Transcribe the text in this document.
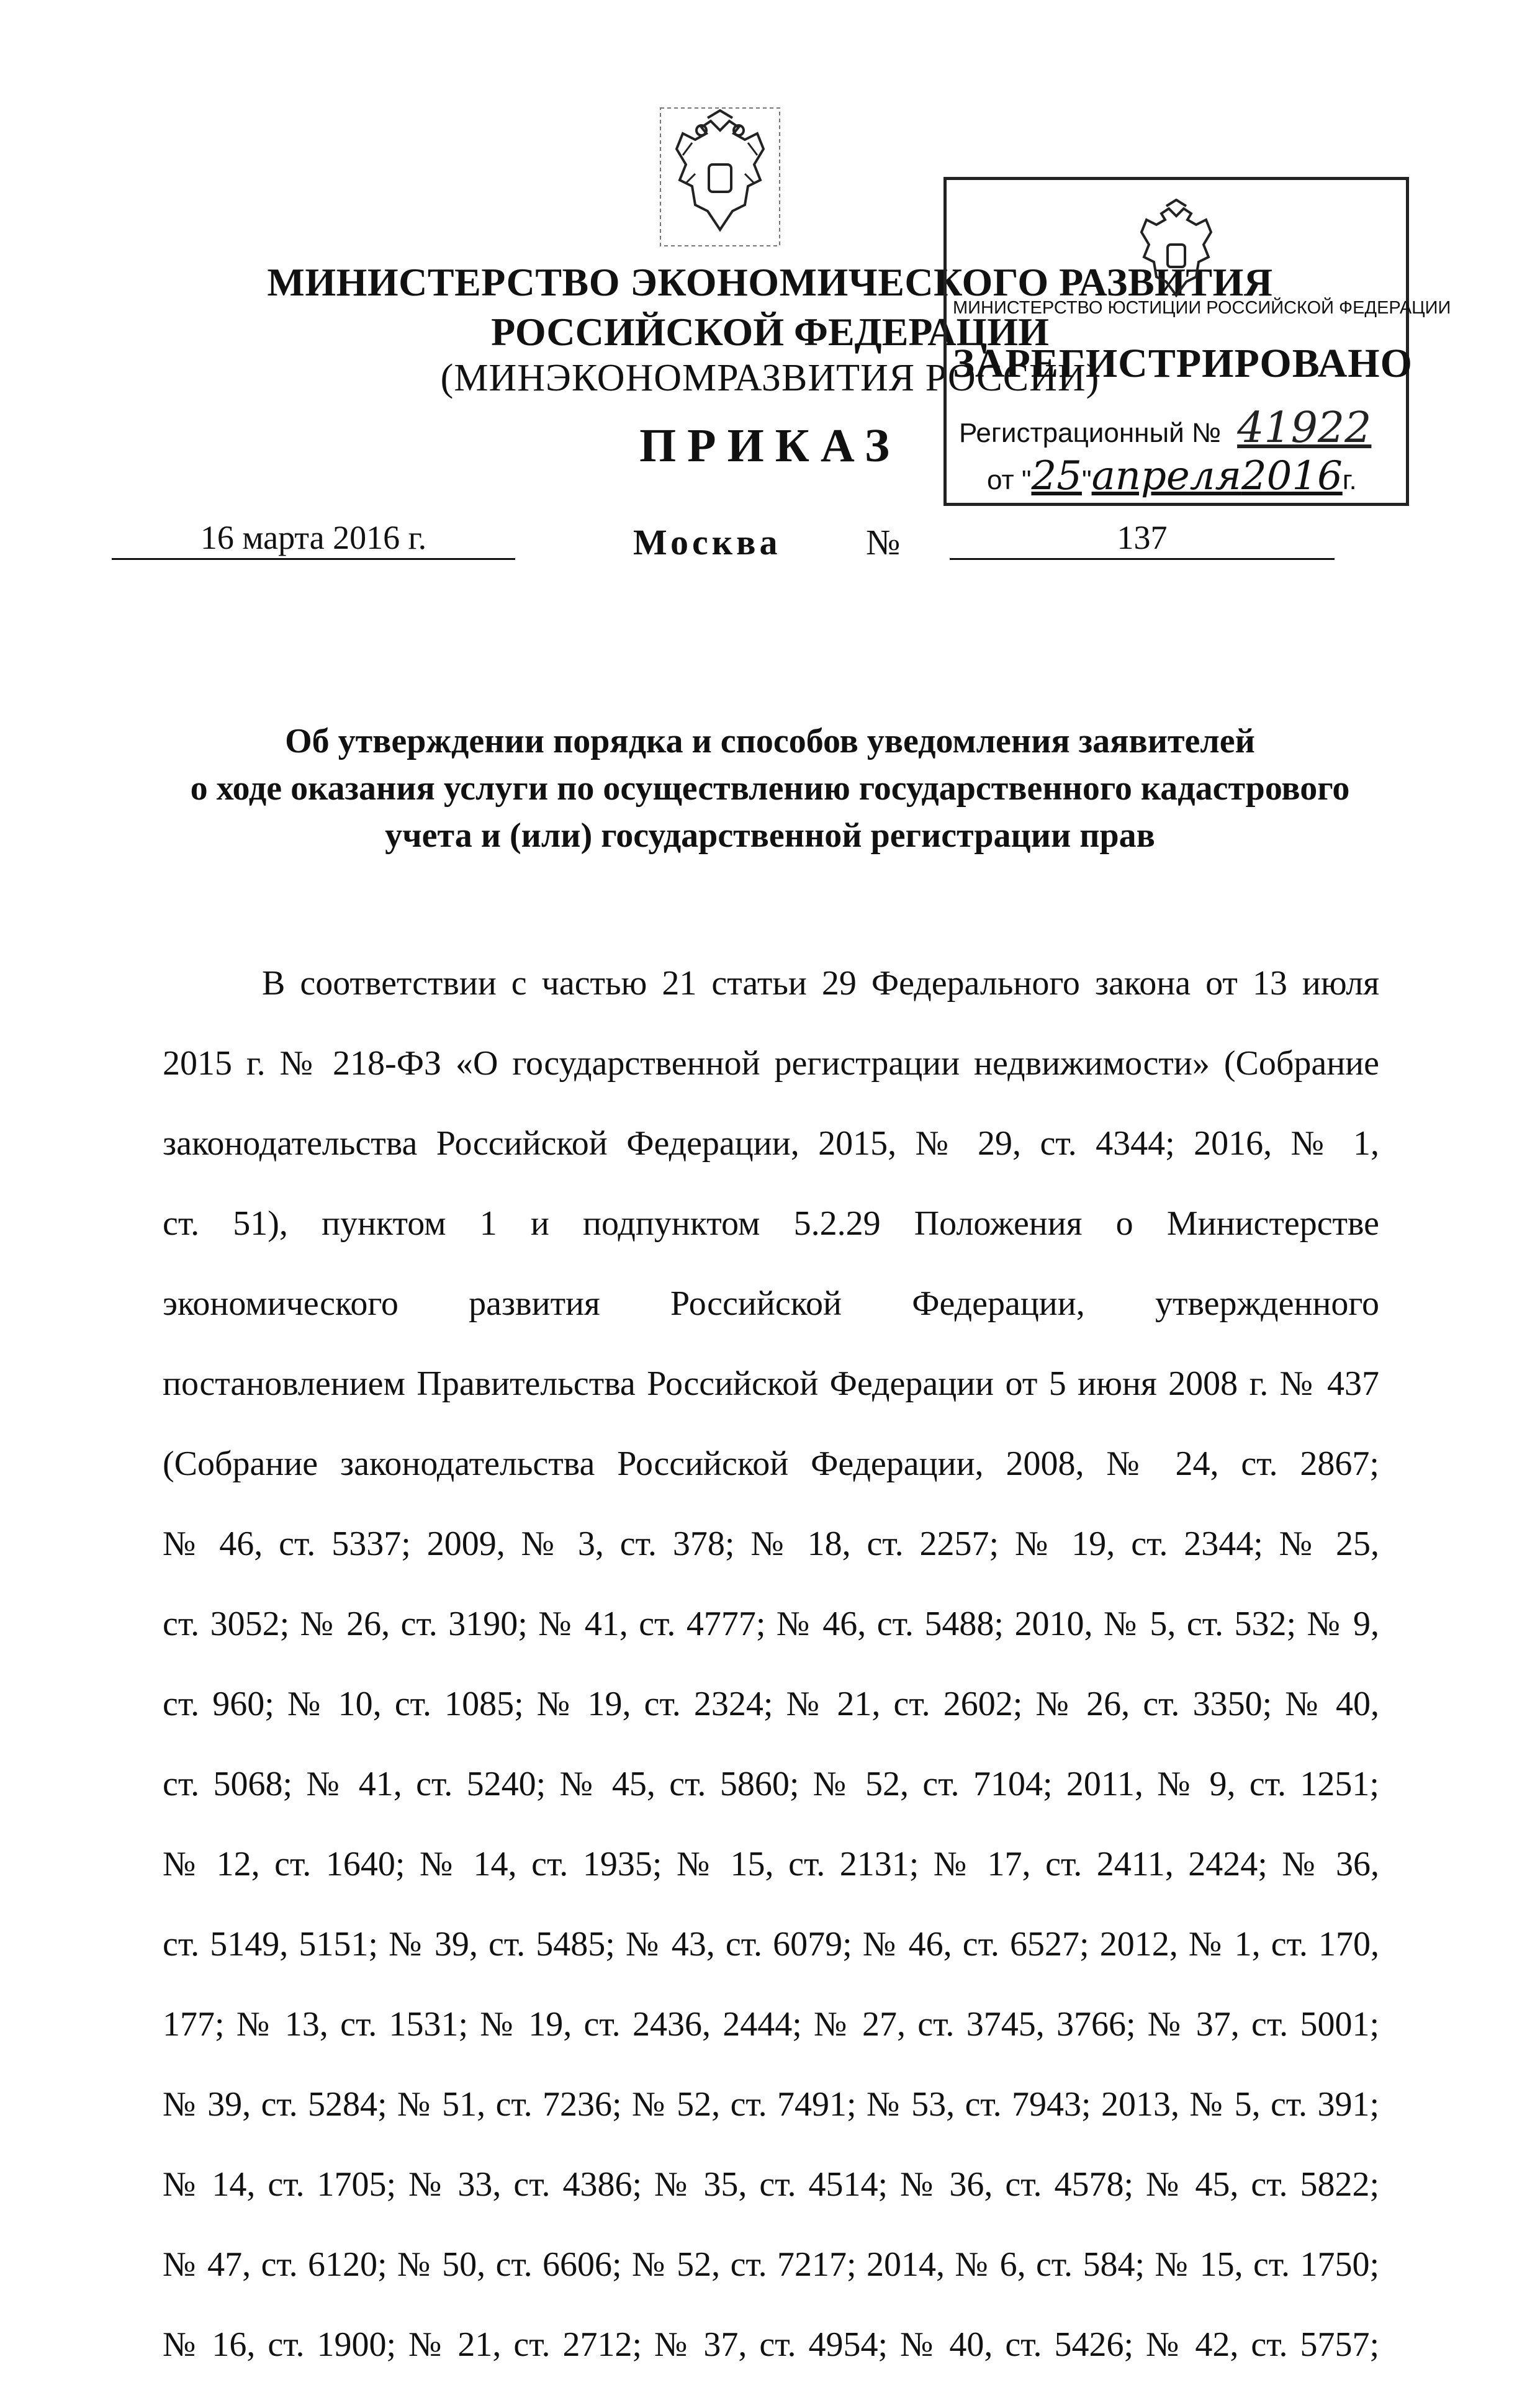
МИНИСТЕРСТВО ЭКОНОМИЧЕСКОГО РАЗВИТИЯ
РОССИЙСКОЙ ФЕДЕРАЦИИ
(МИНЭКОНОМРАЗВИТИЯ РОССИИ)
ПРИКАЗ
МИНИСТЕРСТВО ЮСТИЦИИ РОССИЙСКОЙ ФЕДЕРАЦИИ
ЗАРЕГИСТРИРОВАНО
Регистрационный № 41922
от "25"апреля2016г.
16 марта 2016 г.	Москва №	137
Об утверждении порядка и способов уведомления заявителей
о ходе оказания услуги по осуществлению государственного кадастрового
учета и (или) государственной регистрации прав
В соответствии с частью 21 статьи 29 Федерального закона от 13 июля
2015 г. № 218-ФЗ «О государственной регистрации недвижимости» (Собрание
законодательства Российской Федерации, 2015, № 29, ст. 4344; 2016, № 1,
ст. 51), пунктом 1 и подпунктом 5.2.29 Положения о Министерстве
экономического развития Российской Федерации, утвержденного
постановлением Правительства Российской Федерации от 5 июня 2008 г. № 437
(Собрание законодательства Российской Федерации, 2008, № 24, ст. 2867;
№ 46, ст. 5337; 2009, № 3, ст. 378; № 18, ст. 2257; № 19, ст. 2344; № 25,
ст. 3052; № 26, ст. 3190; № 41, ст. 4777; № 46, ст. 5488; 2010, № 5, ст. 532; № 9,
ст. 960; № 10, ст. 1085; № 19, ст. 2324; № 21, ст. 2602; № 26, ст. 3350; № 40,
ст. 5068; № 41, ст. 5240; № 45, ст. 5860; № 52, ст. 7104; 2011, № 9, ст. 1251;
№ 12, ст. 1640; № 14, ст. 1935; № 15, ст. 2131; № 17, ст. 2411, 2424; № 36,
ст. 5149, 5151; № 39, ст. 5485; № 43, ст. 6079; № 46, ст. 6527; 2012, № 1, ст. 170,
177; № 13, ст. 1531; № 19, ст. 2436, 2444; № 27, ст. 3745, 3766; № 37, ст. 5001;
№ 39, ст. 5284; № 51, ст. 7236; № 52, ст. 7491; № 53, ст. 7943; 2013, № 5, ст. 391;
№ 14, ст. 1705; № 33, ст. 4386; № 35, ст. 4514; № 36, ст. 4578; № 45, ст. 5822;
№ 47, ст. 6120; № 50, ст. 6606; № 52, ст. 7217; 2014, № 6, ст. 584; № 15, ст. 1750;
№ 16, ст. 1900; № 21, ст. 2712; № 37, ст. 4954; № 40, ст. 5426; № 42, ст. 5757;
